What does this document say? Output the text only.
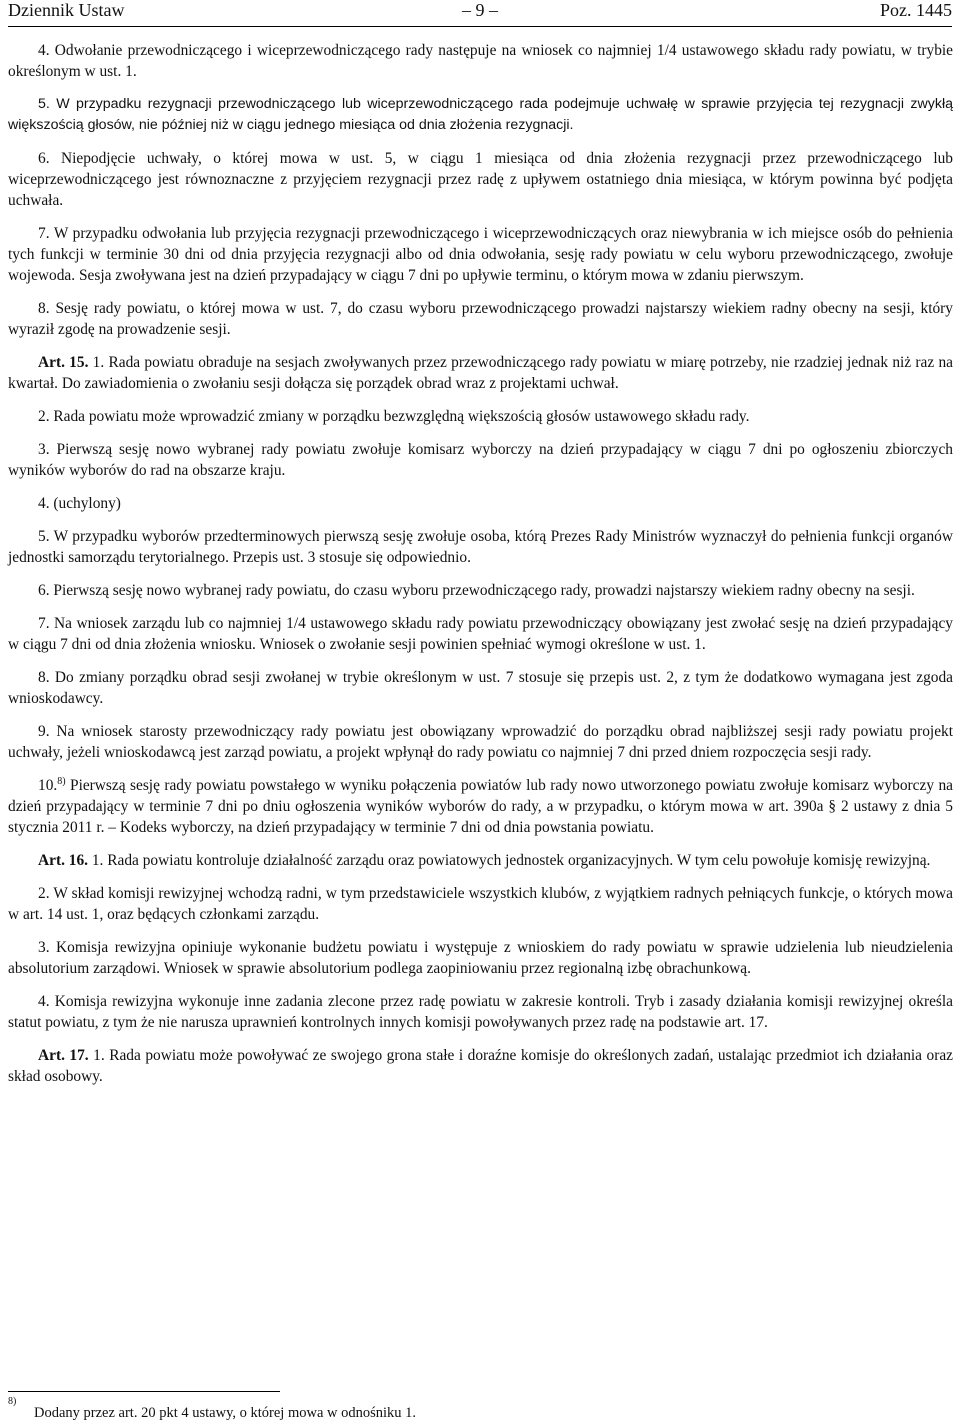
Dziennik Ustaw	– 9 –	Poz. 1445

4. Odwołanie przewodniczącego i wiceprzewodniczącego rady następuje na wniosek co najmniej 1/4 ustawowego składu rady powiatu, w trybie określonym w ust. 1.

5. W przypadku rezygnacji przewodniczącego lub wiceprzewodniczącego rada podejmuje uchwałę w sprawie przyjęcia tej rezygnacji zwykłą większością głosów, nie później niż w ciągu jednego miesiąca od dnia złożenia rezygnacji.

6. Niepodjęcie uchwały, o której mowa w ust. 5, w ciągu 1 miesiąca od dnia złożenia rezygnacji przez przewodniczącego lub wiceprzewodniczącego jest równoznaczne z przyjęciem rezygnacji przez radę z upływem ostatniego dnia miesiąca, w którym powinna być podjęta uchwała.

7. W przypadku odwołania lub przyjęcia rezygnacji przewodniczącego i wiceprzewodniczących oraz niewybrania w ich miejsce osób do pełnienia tych funkcji w terminie 30 dni od dnia przyjęcia rezygnacji albo od dnia odwołania, sesję rady powiatu w celu wyboru przewodniczącego, zwołuje wojewoda. Sesja zwoływana jest na dzień przypadający w ciągu 7 dni po upływie terminu, o którym mowa w zdaniu pierwszym.

8. Sesję rady powiatu, o której mowa w ust. 7, do czasu wyboru przewodniczącego prowadzi najstarszy wiekiem radny obecny na sesji, który wyraził zgodę na prowadzenie sesji.

Art. 15. 1. Rada powiatu obraduje na sesjach zwoływanych przez przewodniczącego rady powiatu w miarę potrzeby, nie rzadziej jednak niż raz na kwartał. Do zawiadomienia o zwołaniu sesji dołącza się porządek obrad wraz z projektami uchwał.

2. Rada powiatu może wprowadzić zmiany w porządku bezwzględną większością głosów ustawowego składu rady.

3. Pierwszą sesję nowo wybranej rady powiatu zwołuje komisarz wyborczy na dzień przypadający w ciągu 7 dni po ogłoszeniu zbiorczych wyników wyborów do rad na obszarze kraju.

4. (uchylony)

5. W przypadku wyborów przedterminowych pierwszą sesję zwołuje osoba, którą Prezes Rady Ministrów wyznaczył do pełnienia funkcji organów jednostki samorządu terytorialnego. Przepis ust. 3 stosuje się odpowiednio.

6. Pierwszą sesję nowo wybranej rady powiatu, do czasu wyboru przewodniczącego rady, prowadzi najstarszy wiekiem radny obecny na sesji.

7. Na wniosek zarządu lub co najmniej 1/4 ustawowego składu rady powiatu przewodniczący obowiązany jest zwołać sesję na dzień przypadający w ciągu 7 dni od dnia złożenia wniosku. Wniosek o zwołanie sesji powinien spełniać wymogi określone w ust. 1.

8. Do zmiany porządku obrad sesji zwołanej w trybie określonym w ust. 7 stosuje się przepis ust. 2, z tym że dodatkowo wymagana jest zgoda wnioskodawcy.

9. Na wniosek starosty przewodniczący rady powiatu jest obowiązany wprowadzić do porządku obrad najbliższej sesji rady powiatu projekt uchwały, jeżeli wnioskodawcą jest zarząd powiatu, a projekt wpłynął do rady powiatu co najmniej 7 dni przed dniem rozpoczęcia sesji rady.

10.$^{8)}$ Pierwszą sesję rady powiatu powstałego w wyniku połączenia powiatów lub rady nowo utworzonego powiatu zwołuje komisarz wyborczy na dzień przypadający w terminie 7 dni po dniu ogłoszenia wyników wyborów do rady, a w przypadku, o którym mowa w art. 390a § 2 ustawy z dnia 5 stycznia 2011 r. – Kodeks wyborczy, na dzień przypadający w terminie 7 dni od dnia powstania powiatu.

Art. 16. 1. Rada powiatu kontroluje działalność zarządu oraz powiatowych jednostek organizacyjnych. W tym celu powołuje komisję rewizyjną.

2. W skład komisji rewizyjnej wchodzą radni, w tym przedstawiciele wszystkich klubów, z wyjątkiem radnych pełniących funkcje, o których mowa w art. 14 ust. 1, oraz będących członkami zarządu.

3. Komisja rewizyjna opiniuje wykonanie budżetu powiatu i występuje z wnioskiem do rady powiatu w sprawie udzielenia lub nieudzielenia absolutorium zarządowi. Wniosek w sprawie absolutorium podlega zaopiniowaniu przez regionalną izbę obrachunkową.

4. Komisja rewizyjna wykonuje inne zadania zlecone przez radę powiatu w zakresie kontroli. Tryb i zasady działania komisji rewizyjnej określa statut powiatu, z tym że nie narusza uprawnień kontrolnych innych komisji powoływanych przez radę na podstawie art. 17.

Art. 17. 1. Rada powiatu może powoływać ze swojego grona stałe i doraźne komisje do określonych zadań, ustalając przedmiot ich działania oraz skład osobowy.

8)
Dodany przez art. 20 pkt 4 ustawy, o której mowa w odnośniku 1.
